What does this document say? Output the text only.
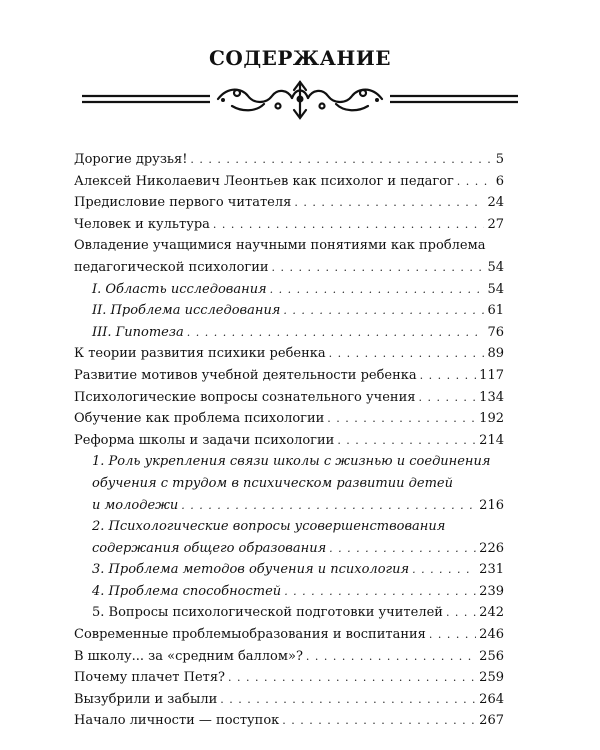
СОДЕРЖАНИЕ
Дорогие друзья! . . .	5
Алексей Николаевич Леонтьев как психолог и педагог . . .	6
Предисловие первого читателя . . .	24
Человек и культура . . .	27
Овладение учащимися научными понятиями как проблема
педагогической психологии . . .	54
I. Область исследования . . .	54
II. Проблема исследования . . .	61
III. Гипотеза . . .	76
К теории развития психики ребенка . . .	89
Развитие мотивов учебной деятельности ребенка . . .	117
Психологические вопросы сознательного учения . . .	134
Обучение как проблема психологии . . .	192
Реформа школы и задачи психологии . . .	214
1. Роль укрепления связи школы с жизнью и соединения
обучения с трудом в психическом развитии детей
и молодежи . . .	216
2. Психологические вопросы усовершенствования
содержания общего образования . . .	226
3. Проблема методов обучения и психология . . .	231
4. Проблема способностей . . .	239
5. Вопросы психологической подготовки учителей . . .	242
Современные проблемыобразования и воспитания . . .	246
В школу... за «средним баллом»? . . .	256
Почему плачет Петя? . . .	259
Вызубрили и забыли . . .	264
Начало личности — поступок . . .	267
